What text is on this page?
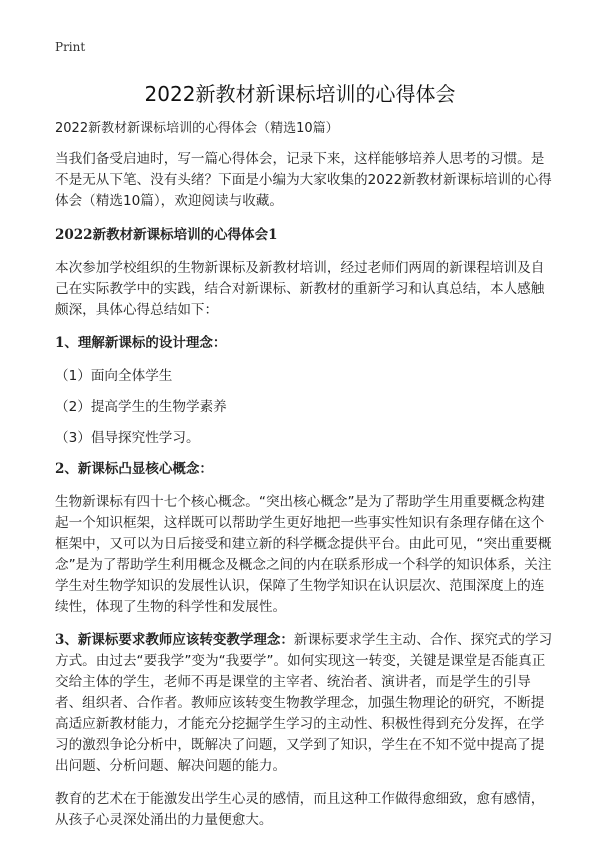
Print
2022新教材新课标培训的心得体会

2022新教材新课标培训的心得体会（精选10篇）

当我们备受启迪时，写一篇心得体会，记录下来，这样能够培养人思考的习惯。是不是无从下笔、没有头绪？下面是小编为大家收集的2022新教材新课标培训的心得体会（精选10篇），欢迎阅读与收藏。

2022新教材新课标培训的心得体会1

本次参加学校组织的生物新课标及新教材培训，经过老师们两周的新课程培训及自己在实际教学中的实践，结合对新课标、新教材的重新学习和认真总结，本人感触颇深，具体心得总结如下：

1、理解新课标的设计理念：

（1）面向全体学生

（2）提高学生的生物学素养

（3）倡导探究性学习。

2、新课标凸显核心概念：

生物新课标有四十七个核心概念。“突出核心概念”是为了帮助学生用重要概念构建起一个知识框架，这样既可以帮助学生更好地把一些事实性知识有条理存储在这个框架中，又可以为日后接受和建立新的科学概念提供平台。由此可见，“突出重要概念”是为了帮助学生利用概念及概念之间的内在联系形成一个科学的知识体系，关注学生对生物学知识的发展性认识，保障了生物学知识在认识层次、范围深度上的连续性，体现了生物的科学性和发展性。

3、新课标要求教师应该转变教学理念：新课标要求学生主动、合作、探究式的学习方式。由过去“要我学”变为“我要学”。如何实现这一转变，关键是课堂是否能真正交给主体的学生，老师不再是课堂的主宰者、统治者、演讲者，而是学生的引导者、组织者、合作者。教师应该转变生物教学理念，加强生物理论的研究，不断提高适应新教材能力，才能充分挖掘学生学习的主动性、积极性得到充分发挥，在学习的激烈争论分析中，既解决了问题，又学到了知识，学生在不知不觉中提高了提出问题、分析问题、解决问题的能力。

教育的艺术在于能激发出学生心灵的感情，而且这种工作做得愈细致，愈有感情，从孩子心灵深处涌出的力量便愈大。
